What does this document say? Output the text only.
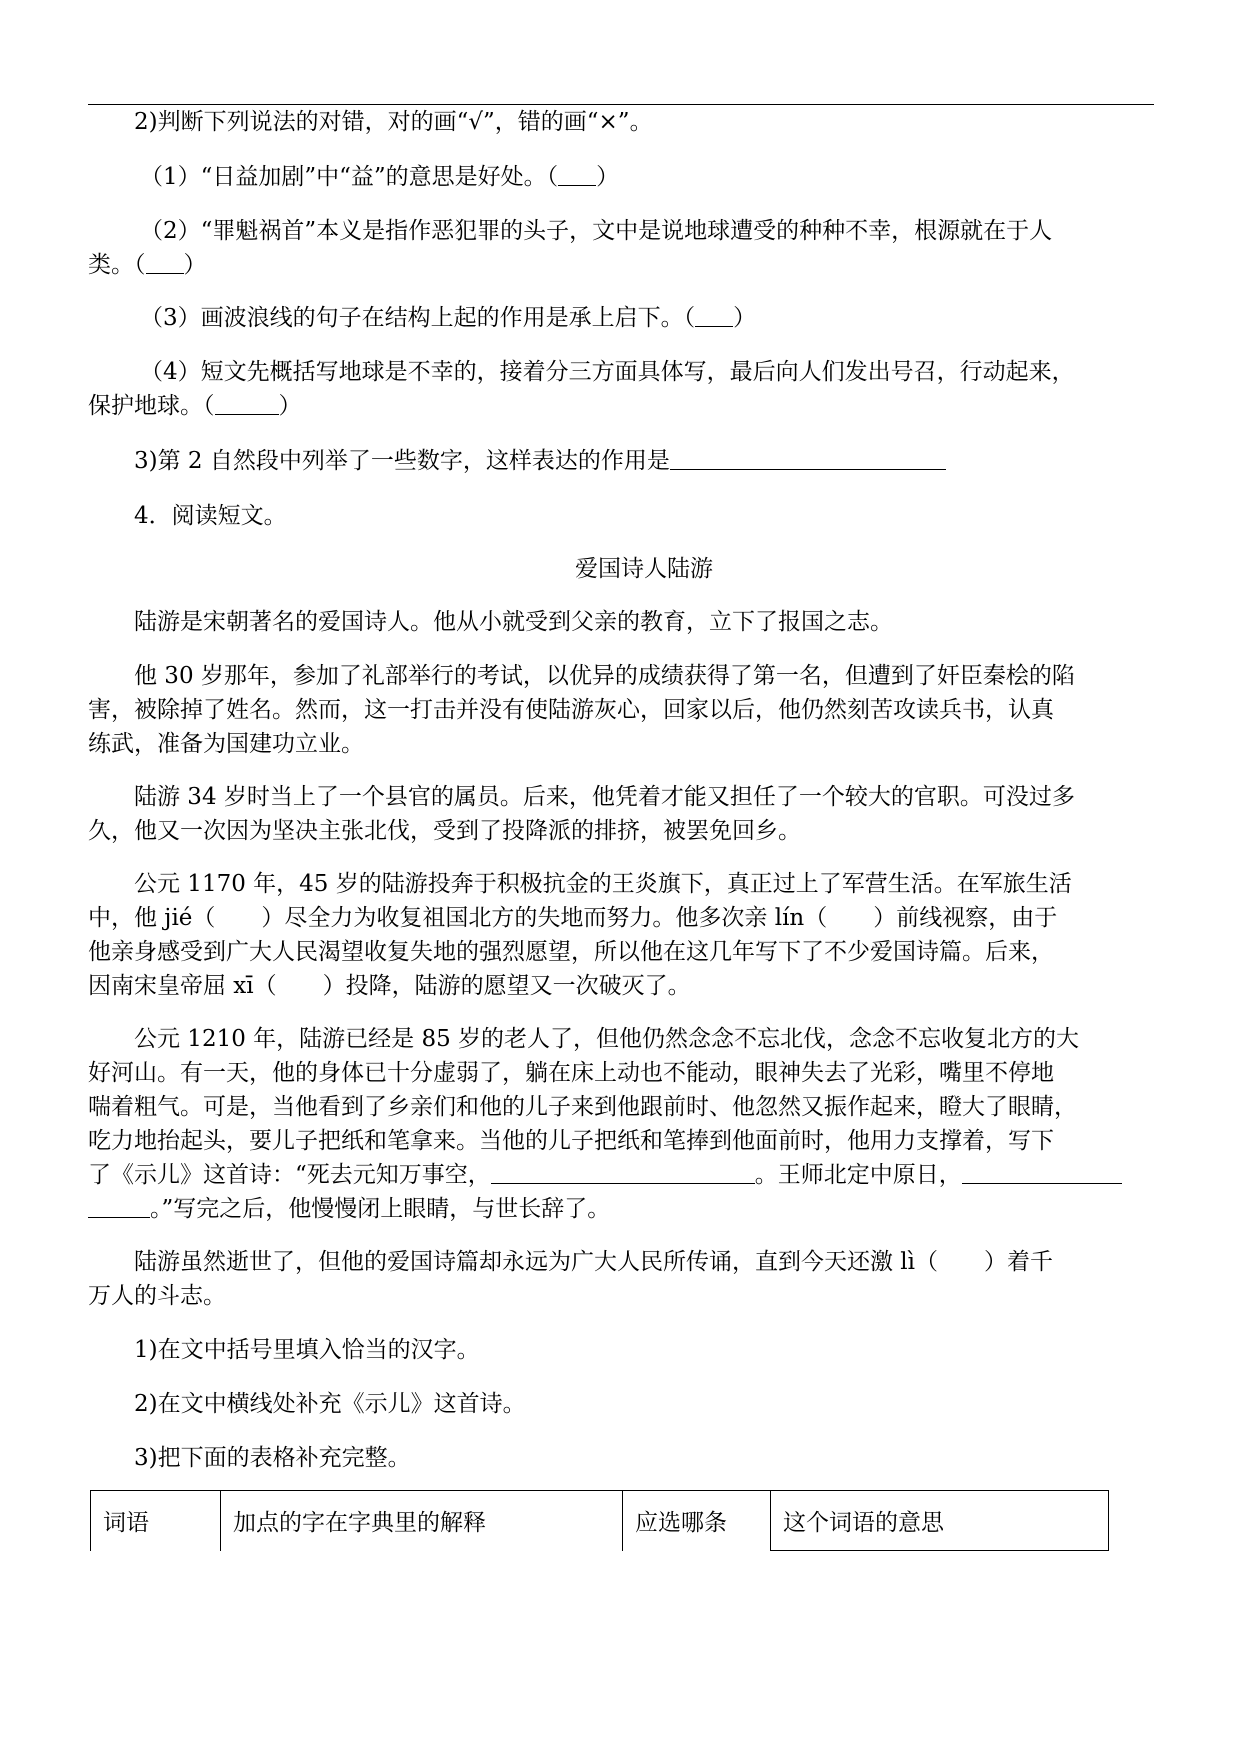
2)判断下列说法的对错，对的画“√”，错的画“×”。
（1）“日益加剧”中“益”的意思是好处。（ ）
（2）“罪魁祸首”本义是指作恶犯罪的头子，文中是说地球遭受的种种不幸，根源就在于人
类。（ ）
（3）画波浪线的句子在结构上起的作用是承上启下。（ ）
（4）短文先概括写地球是不幸的，接着分三方面具体写，最后向人们发出号召，行动起来，
保护地球。（	）
3)第 2 自然段中列举了一些数字，这样表达的作用是
4．阅读短文。
爱国诗人陆游
陆游是宋朝著名的爱国诗人。他从小就受到父亲的教育，立下了报国之志。
他 30 岁那年，参加了礼部举行的考试，以优异的成绩获得了第一名，但遭到了奸臣秦桧的陷
害，被除掉了姓名。然而，这一打击并没有使陆游灰心，回家以后，他仍然刻苦攻读兵书，认真
练武，准备为国建功立业。
陆游 34 岁时当上了一个县官的属员。后来，他凭着才能又担任了一个较大的官职。可没过多
久，他又一次因为坚决主张北伐，受到了投降派的排挤，被罢免回乡。
公元 1170 年，45 岁的陆游投奔于积极抗金的王炎旗下，真正过上了军营生活。在军旅生活
中，他 jié（　　）尽全力为收复祖国北方的失地而努力。他多次亲 lín（　　）前线视察，由于
他亲身感受到广大人民渴望收复失地的强烈愿望，所以他在这几年写下了不少爱国诗篇。后来，
因南宋皇帝屈 xī（　　）投降，陆游的愿望又一次破灭了。
公元 1210 年，陆游已经是 85 岁的老人了，但他仍然念念不忘北伐，念念不忘收复北方的大
好河山。有一天，他的身体已十分虚弱了，躺在床上动也不能动，眼神失去了光彩，嘴里不停地
喘着粗气。可是，当他看到了乡亲们和他的儿子来到他跟前时、他忽然又振作起来，瞪大了眼睛，
吃力地抬起头，要儿子把纸和笔拿来。当他的儿子把纸和笔捧到他面前时，他用力支撑着，写下
了《示儿》这首诗：“死去元知万事空，	。王师北定中原日，
。”写完之后，他慢慢闭上眼睛，与世长辞了。
陆游虽然逝世了，但他的爱国诗篇却永远为广大人民所传诵，直到今天还激 lì（　　）着千
万人的斗志。
1)在文中括号里填入恰当的汉字。
2)在文中横线处补充《示儿》这首诗。
3)把下面的表格补充完整。
词语	加点的字在字典里的解释	应选哪条	这个词语的意思
